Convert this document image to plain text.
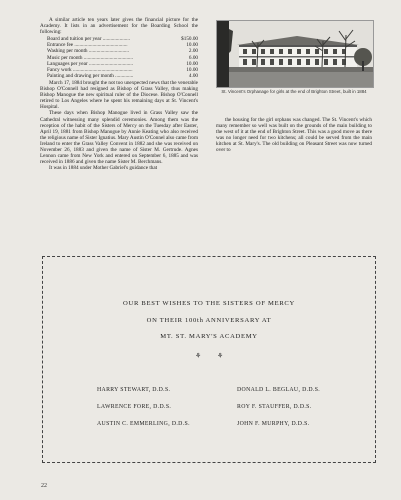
A similar article ten years later gives the financial picture for the Academy. It lists in an advertisement for the Boarding School the following:

Board and tuition per year .....................	$150.00
Entrance fee .........................................	10.00
Washing per month ...............................	2.00
Music per month ......................................	6.00
Languages per year ..................................	10.00
Fancy work ..............................................	10.00
Painting and drawing per month ..............	4.00

March 17, 1884 brought the not too unexpected news that the venerable Bishop O'Connell had resigned as Bishop of Grass Valley, thus making Bishop Manogue the new spiritual ruler of the Diocese. Bishop O'Connell retired to Los Angeles where he spent his remaining days at St. Vincent's Hospital.

These days when Bishop Manogue lived in Grass Valley saw the Cathedral witnessing many splendid ceremonies. Among them was the reception of the habit of the Sisters of Mercy on the Tuesday after Easter, April 19, 1881 from Bishop Manogue by Annie Keating who also received the religious name of Sister Ignatius. Mary Austin O'Connel also came from Ireland to enter the Grass Valley Convent in 1882 and she was received on November 26, 1883 and given the name of Sister M. Gertrude. Agnes Lennon came from New York and entered on September 6, 1885 and was received in 1886 and given the name Sister M. Berchmans.

It was in 1884 under Mother Gabriel's guidance that

St. Vincent's Orphanage for girls at the end of Brighton Street, built in 1884

the housing for the girl orphans was changed. The St. Vincent's which many remember so well was built on the grounds of the main building to the west of it at the end of Brighton Street. This was a good move as there was no longer need for two kitchens; all could be served from the main kitchen at St. Mary's. The old building on Pleasant Street was now turned over to

OUR BEST WISHES TO THE SISTERS OF MERCY
ON THEIR 100th ANNIVERSARY AT
MT. ST. MARY'S ACADEMY
⚘ ⚘
HARRY STEWART, D.D.S.
LAWRENCE FORE, D.D.S.
AUSTIN C. EMMERLING, D.D.S.
DONALD L. BEGLAU, D.D.S.
ROY F. STAUFFER, D.D.S.
JOHN F. MURPHY, D.D.S.
22
